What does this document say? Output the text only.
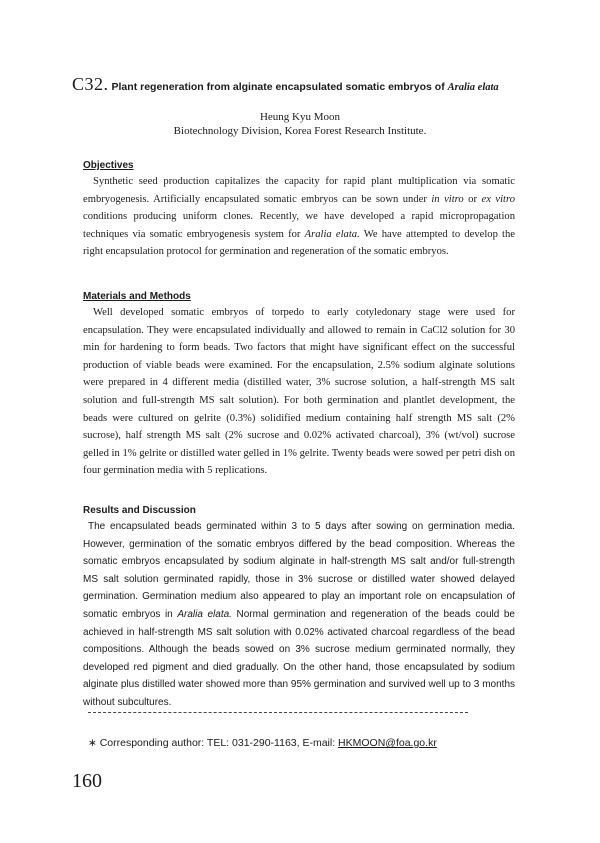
C32. Plant regeneration from alginate encapsulated somatic embryos of Aralia elata
Heung Kyu Moon
Biotechnology Division, Korea Forest Research Institute.
Objectives

Synthetic seed production capitalizes the capacity for rapid plant multiplication via somatic embryogenesis. Artificially encapsulated somatic embryos can be sown under in vitro or ex vitro conditions producing uniform clones. Recently, we have developed a rapid micropropagation techniques via somatic embryogenesis system for Aralia elata. We have attempted to develop the right encapsulation protocol for germination and regeneration of the somatic embryos.

Materials and Methods

Well developed somatic embryos of torpedo to early cotyledonary stage were used for encapsulation. They were encapsulated individually and allowed to remain in CaCl2 solution for 30 min for hardening to form beads. Two factors that might have significant effect on the successful production of viable beads were examined. For the encapsulation, 2.5% sodium alginate solutions were prepared in 4 different media (distilled water, 3% sucrose solution, a half-strength MS salt solution and full-strength MS salt solution). For both germination and plantlet development, the beads were cultured on gelrite (0.3%) solidified medium containing half strength MS salt (2% sucrose), half strength MS salt (2% sucrose and 0.02% activated charcoal), 3% (wt/vol) sucrose gelled in 1% gelrite or distilled water gelled in 1% gelrite. Twenty beads were sowed per petri dish on four germination media with 5 replications.

Results and Discussion

The encapsulated beads germinated within 3 to 5 days after sowing on germination media. However, germination of the somatic embryos differed by the bead composition. Whereas the somatic embryos encapsulated by sodium alginate in half-strength MS salt and/or full-strength MS salt solution germinated rapidly, those in 3% sucrose or distilled water showed delayed germination. Germination medium also appeared to play an important role on encapsulation of somatic embryos in Aralia elata. Normal germination and regeneration of the beads could be achieved in half-strength MS salt solution with 0.02% activated charcoal regardless of the bead compositions. Although the beads sowed on 3% sucrose medium germinated normally, they developed red pigment and died gradually. On the other hand, those encapsulated by sodium alginate plus distilled water showed more than 95% germination and survived well up to 3 months without subcultures.

∗ Corresponding author: TEL: 031-290-1163, E-mail: HKMOON@foa.go.kr
160
